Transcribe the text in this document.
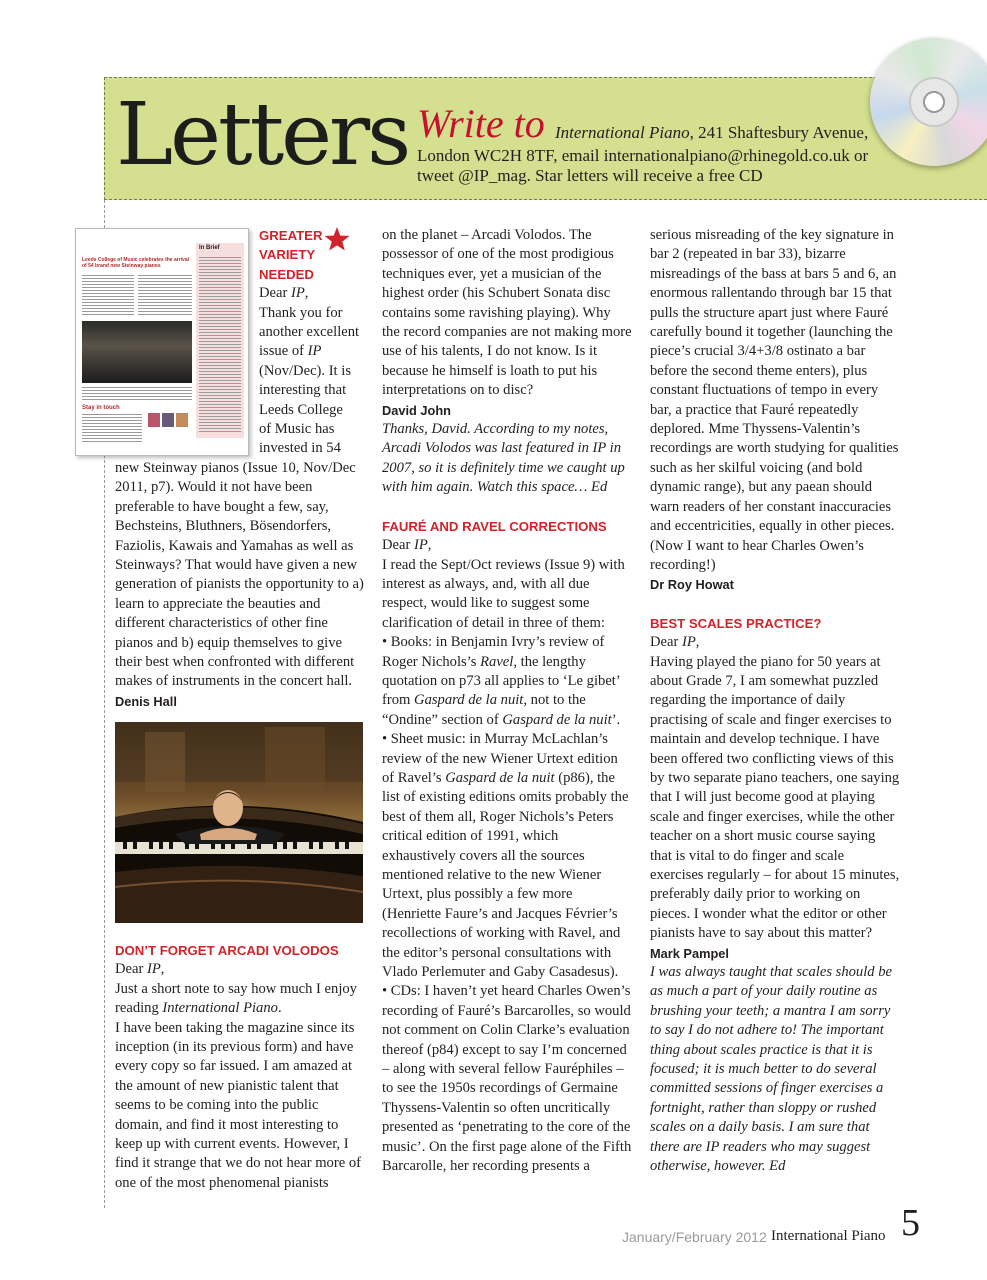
Letters Write to International Piano, 241 Shaftesbury Avenue,
London WC2H 8TF, email internationalpiano@rhinegold.co.uk or tweet @IP_mag. Star letters will receive a free CD
In Brief
Leeds College of Music celebrates the arrival of 54 brand new Steinway pianos
Stay in touch
GREATER VARIETY NEEDED

Dear IP,

Thank you for

another excellent

issue of IP

(Nov/Dec). It is

interesting that

Leeds College

of Music has

invested in 54

new Steinway pianos (Issue 10, Nov/Dec 2011, p7). Would it not have been preferable to have bought a few, say, Bechsteins, Bluthners, Bösendorfers, Faziolis, Kawais and Yamahas as well as Steinways? That would have given a new generation of pianists the opportunity to a) learn to appreciate the beauties and different characteristics of other fine pianos and b) equip themselves to give their best when confronted with different makes of instruments in the concert hall.

Denis Hall
DON’T FORGET ARCADI VOLODOS

Dear IP,

Just a short note to say how much I enjoy reading International Piano.

I have been taking the magazine since its inception (in its previous form) and have every copy so far issued. I am amazed at the amount of new pianistic talent that seems to be coming into the public domain, and find it most interesting to keep up with current events. However, I find it strange that we do not hear more of one of the most phenomenal pianists

on the planet – Arcadi Volodos. The possessor of one of the most prodigious techniques ever, yet a musician of the highest order (his Schubert Sonata disc contains some ravishing playing). Why the record companies are not making more use of his talents, I do not know. Is it because he himself is loath to put his interpretations on to disc?

David John

Thanks, David. According to my notes, Arcadi Volodos was last featured in IP in 2007, so it is definitely time we caught up with him again. Watch this space… Ed

FAURÉ AND RAVEL CORRECTIONS

Dear IP,

I read the Sept/Oct reviews (Issue 9) with interest as always, and, with all due respect, would like to suggest some clarification of detail in three of them:

• Books: in Benjamin Ivry’s review of Roger Nichols’s Ravel, the lengthy quotation on p73 all applies to ‘Le gibet’ from Gaspard de la nuit, not to the “Ondine” section of Gaspard de la nuit’.

• Sheet music: in Murray McLachlan’s review of the new Wiener Urtext edition of Ravel’s Gaspard de la nuit (p86), the list of existing editions omits probably the best of them all, Roger Nichols’s Peters critical edition of 1991, which exhaustively covers all the sources mentioned relative to the new Wiener Urtext, plus possibly a few more (Henriette Faure’s and Jacques Février’s recollections of working with Ravel, and the editor’s personal consultations with Vlado Perlemuter and Gaby Casadesus).

• CDs: I haven’t yet heard Charles Owen’s recording of Fauré’s Barcarolles, so would not comment on Colin Clarke’s evaluation thereof (p84) except to say I’m concerned – along with several fellow Fauréphiles – to see the 1950s recordings of Germaine Thyssens-Valentin so often uncritically presented as ‘penetrating to the core of the music’. On the first page alone of the Fifth Barcarolle, her recording presents a

serious misreading of the key signature in bar 2 (repeated in bar 33), bizarre misreadings of the bass at bars 5 and 6, an enormous rallentando through bar 15 that pulls the structure apart just where Fauré carefully bound it together (launching the piece’s crucial 3/4+3/8 ostinato a bar before the second theme enters), plus constant fluctuations of tempo in every bar, a practice that Fauré repeatedly deplored. Mme Thyssens-Valentin’s recordings are worth studying for qualities such as her skilful voicing (and bold dynamic range), but any paean should warn readers of her constant inaccuracies and eccentricities, equally in other pieces. (Now I want to hear Charles Owen’s recording!)

Dr Roy Howat
BEST SCALES PRACTICE?

Dear IP,

Having played the piano for 50 years at about Grade 7, I am somewhat puzzled regarding the importance of daily practising of scale and finger exercises to maintain and develop technique. I have been offered two conflicting views of this by two separate piano teachers, one saying that I will just become good at playing scale and finger exercises, while the other teacher on a short music course saying that is vital to do finger and scale exercises regularly – for about 15 minutes, preferably daily prior to working on pieces. I wonder what the editor or other pianists have to say about this matter?

Mark Pampel

I was always taught that scales should be as much a part of your daily routine as brushing your teeth; a mantra I am sorry to say I do not adhere to! The important thing about scales practice is that it is focused; it is much better to do several committed sessions of finger exercises a fortnight, rather than sloppy or rushed scales on a daily basis. I am sure that there are IP readers who may suggest otherwise, however. Ed

January/February 2012 International Piano 5
